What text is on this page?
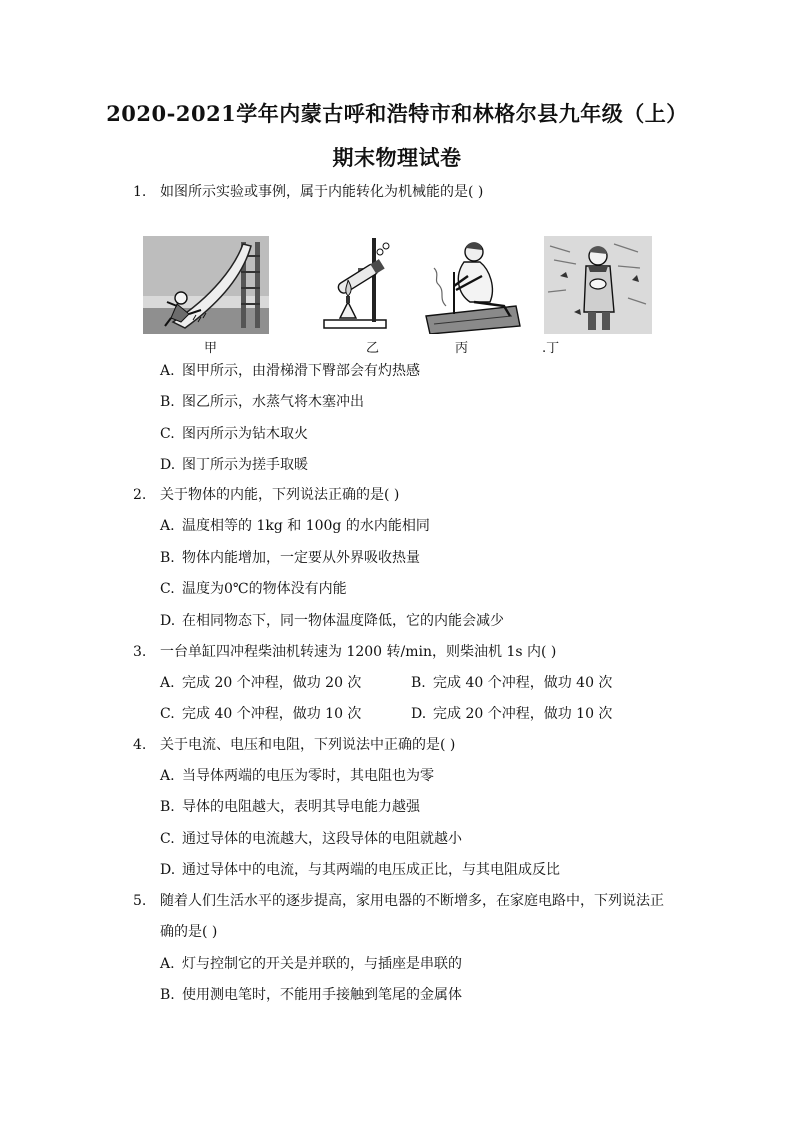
2020-2021学年内蒙古呼和浩特市和林格尔县九年级（上）
期末物理试卷
1. 如图所示实验或事例，属于内能转化为机械能的是( )
甲	乙	丙	.丁
A. 图甲所示，由滑梯滑下臀部会有灼热感
B. 图乙所示，水蒸气将木塞冲出
C. 图丙所示为钻木取火
D. 图丁所示为搓手取暖
2. 关于物体的内能，下列说法正确的是( )
A. 温度相等的 1kg 和 100g 的水内能相同
B. 物体内能增加，一定要从外界吸收热量
C. 温度为0℃的物体没有内能
D. 在相同物态下，同一物体温度降低，它的内能会减少
3. 一台单缸四冲程柴油机转速为 1200 转/min，则柴油机 1s 内( )
A. 完成 20 个冲程，做功 20 次	B. 完成 40 个冲程，做功 40 次
C. 完成 40 个冲程，做功 10 次	D. 完成 20 个冲程，做功 10 次
4. 关于电流、电压和电阻，下列说法中正确的是( )
A. 当导体两端的电压为零时，其电阻也为零
B. 导体的电阻越大，表明其导电能力越强
C. 通过导体的电流越大，这段导体的电阻就越小
D. 通过导体中的电流，与其两端的电压成正比，与其电阻成反比
5. 随着人们生活水平的逐步提高，家用电器的不断增多，在家庭电路中，下列说法正
确的是( )
A. 灯与控制它的开关是并联的，与插座是串联的
B. 使用测电笔时，不能用手接触到笔尾的金属体
